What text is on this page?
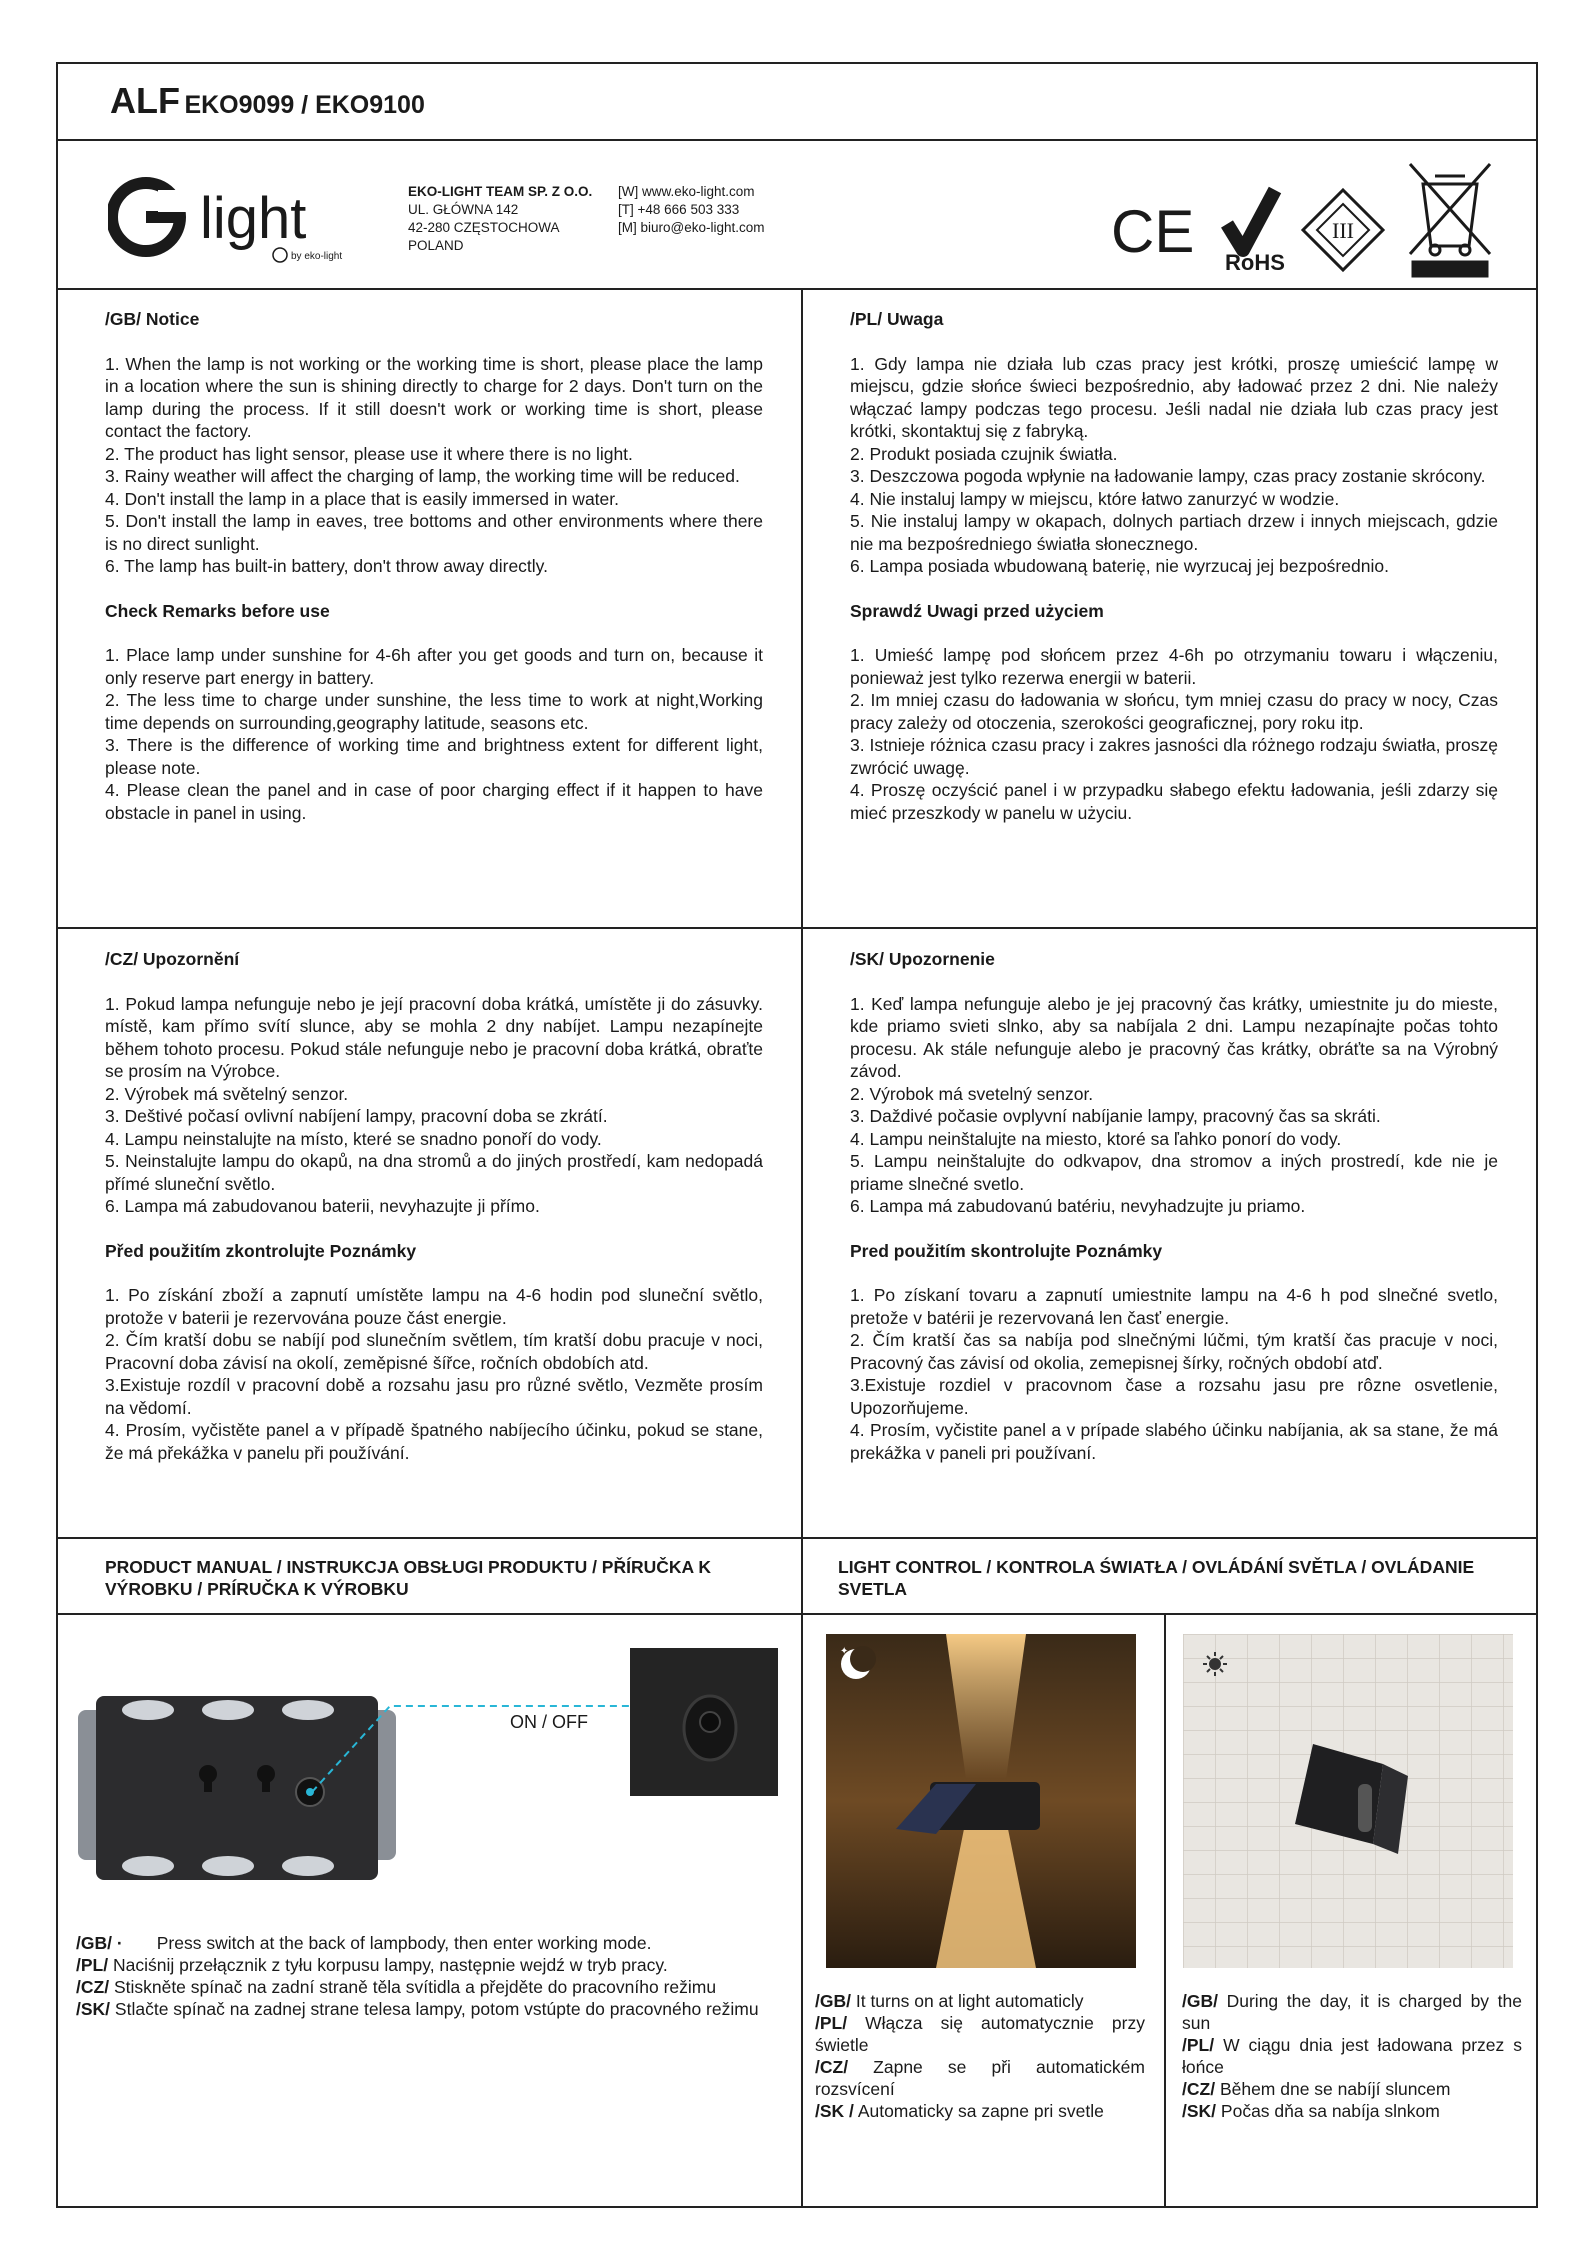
ALF EKO9099 / EKO9100
light
by eko-light
EKO-LIGHT TEAM SP. Z O.O.
UL. GŁÓWNA 142
42-280 CZĘSTOCHOWA
POLAND
[W] www.eko-light.com
[T] +48 666 503 333
[M] biuro@eko-light.com	CE RoHS
III

/GB/ Notice

1. When the lamp is not working or the working time is short, please place the lamp in a location where the sun is shining directly to charge for 2 days. Don't turn on the lamp during the process. If it still doesn't work or working time is short, please contact the factory.

2. The product has light sensor, please use it where there is no light.

3. Rainy weather will affect the charging of lamp, the working time will be reduced.

4. Don't install the lamp in a place that is easily immersed in water.

5. Don't install the lamp in eaves, tree bottoms and other environments where there is no direct sunlight.

6. The lamp has built-in battery, don't throw away directly.

Check Remarks before use

1. Place lamp under sunshine for 4-6h after you get goods and turn on, because it only reserve part energy in battery.

2. The less time to charge under sunshine, the less time to work at night,Working time depends on surrounding,geography latitude, seasons etc.

3. There is the difference of working time and brightness extent for different light, please note.

4. Please clean the panel and in case of poor charging effect if it happen to have obstacle in panel in using.

/PL/ Uwaga

1. Gdy lampa nie działa lub czas pracy jest krótki, proszę umieścić lampę w miejscu, gdzie słońce świeci bezpośrednio, aby ładować przez 2 dni. Nie należy włączać lampy podczas tego procesu. Jeśli nadal nie działa lub czas pracy jest krótki, skontaktuj się z fabryką.

2. Produkt posiada czujnik światła.

3. Deszczowa pogoda wpłynie na ładowanie lampy, czas pracy zostanie skrócony.

4. Nie instaluj lampy w miejscu, które łatwo zanurzyć w wodzie.

5. Nie instaluj lampy w okapach, dolnych partiach drzew i innych miejscach, gdzie nie ma bezpośredniego światła słonecznego.

6. Lampa posiada wbudowaną baterię, nie wyrzucaj jej bezpośrednio.

Sprawdź Uwagi przed użyciem

1. Umieść lampę pod słońcem przez 4-6h po otrzymaniu towaru i włączeniu, ponieważ jest tylko rezerwa energii w baterii.

2. Im mniej czasu do ładowania w słońcu, tym mniej czasu do pracy w nocy, Czas pracy zależy od otoczenia, szerokości geograficznej, pory roku itp.

3. Istnieje różnica czasu pracy i zakres jasności dla różnego rodzaju światła, proszę zwrócić uwagę.

4. Proszę oczyścić panel i w przypadku słabego efektu ładowania, jeśli zdarzy się mieć przeszkody w panelu w użyciu.

/CZ/ Upozornění

1. Pokud lampa nefunguje nebo je její pracovní doba krátká, umístěte ji do zásuvky. místě, kam přímo svítí slunce, aby se mohla 2 dny nabíjet. Lampu nezapínejte během tohoto procesu. Pokud stále nefunguje nebo je pracovní doba krátká, obraťte se prosím na Výrobce.

2. Výrobek má světelný senzor.

3. Deštivé počasí ovlivní nabíjení lampy, pracovní doba se zkrátí.

4. Lampu neinstalujte na místo, které se snadno ponoří do vody.

5. Neinstalujte lampu do okapů, na dna stromů a do jiných prostředí, kam nedopadá přímé sluneční světlo.

6. Lampa má zabudovanou baterii, nevyhazujte ji přímo.

Před použitím zkontrolujte Poznámky

1. Po získání zboží a zapnutí umístěte lampu na 4-6 hodin pod sluneční světlo, protože v baterii je rezervována pouze část energie.

2. Čím kratší dobu se nabíjí pod slunečním světlem, tím kratší dobu pracuje v noci, Pracovní doba závisí na okolí, zeměpisné šířce, ročních obdobích atd.

3.Existuje rozdíl v pracovní době a rozsahu jasu pro různé světlo, Vezměte prosím na vědomí.

4. Prosím, vyčistěte panel a v případě špatného nabíjecího účinku, pokud se stane, že má překážka v panelu při používání.

/SK/ Upozornenie

1. Keď lampa nefunguje alebo je jej pracovný čas krátky, umiestnite ju do mieste, kde priamo svieti slnko, aby sa nabíjala 2 dni. Lampu nezapínajte počas tohto procesu. Ak stále nefunguje alebo je pracovný čas krátky, obráťte sa na Výrobný závod.

2. Výrobok má svetelný senzor.

3. Daždivé počasie ovplyvní nabíjanie lampy, pracovný čas sa skráti.

4. Lampu neinštalujte na miesto, ktoré sa ľahko ponorí do vody.

5. Lampu neinštalujte do odkvapov, dna stromov a iných prostredí, kde nie je priame slnečné svetlo.

6. Lampa má zabudovanú batériu, nevyhadzujte ju priamo.

Pred použitím skontrolujte Poznámky

1. Po získaní tovaru a zapnutí umiestnite lampu na 4-6 h pod slnečné svetlo, pretože v batérii je rezervovaná len časť energie.

2. Čím kratší čas sa nabíja pod slnečnými lúčmi, tým kratší čas pracuje v noci, Pracovný čas závisí od okolia, zemepisnej šírky, ročných období atď.

3.Existuje rozdiel v pracovnom čase a rozsahu jasu pre rôzne osvetlenie, Upozorňujeme.

4. Prosím, vyčistite panel a v prípade slabého účinku nabíjania, ak sa stane, že má prekážka v paneli pri používaní.

PRODUCT MANUAL / INSTRUKCJA OBSŁUGI PRODUKTU / PŘÍRUČKA K VÝROBKU / PRÍRUČKA K VÝROBKU
LIGHT CONTROL / KONTROLA ŚWIATŁA / OVLÁDÁNÍ SVĚTLA / OVLÁDANIE SVETLA
ON / OFF
/GB/ · Press switch at the back of lampbody, then enter working mode.
/PL/ Naciśnij przełącznik z tyłu korpusu lampy, następnie wejdź w tryb pracy.
/CZ/ Stiskněte spínač na zadní straně těla svítidla a přejděte do pracovního režimu
/SK/ Stlačte spínač na zadnej strane telesa lampy, potom vstúpte do pracovného režimu
✦
/GB/ It turns on at light automaticly
/PL/ Włącza się automatycznie przy świetle
/CZ/ Zapne se při automatickém rozsvícení
/SK / Automaticky sa zapne pri svetle
/GB/ During the day, it is charged by the sun
/PL/ W ciągu dnia jest ładowana przez s łońce
/CZ/ Během dne se nabíjí sluncem
/SK/ Počas dňa sa nabíja slnkom
